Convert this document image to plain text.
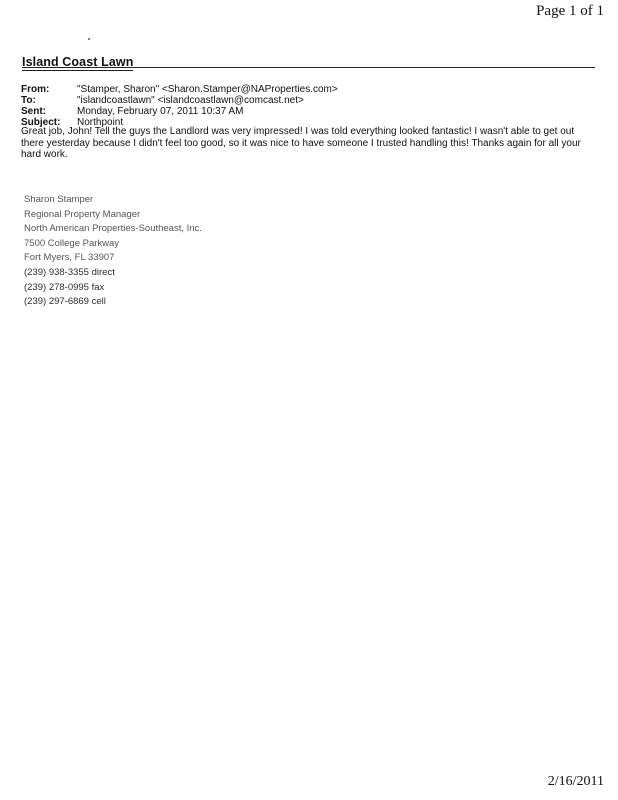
Page 1 of 1
Island Coast Lawn
From:	"Stamper, Sharon" <Sharon.Stamper@NAProperties.com>
To:	"islandcoastlawn" <islandcoastlawn@comcast.net>
Sent:	Monday, February 07, 2011 10:37 AM
Subject:	Northpoint
Great job, John! Tell the guys the Landlord was very impressed! I was told everything looked fantastic! I wasn't able to get out there yesterday because I didn't feel too good, so it was nice to have someone I trusted handling this! Thanks again for all your hard work.
Sharon Stamper
Regional Property Manager
North American Properties-Southeast, Inc.
7500 College Parkway
Fort Myers, FL 33907
(239) 938-3355 direct
(239) 278-0995 fax
(239) 297-6869 cell
2/16/2011
